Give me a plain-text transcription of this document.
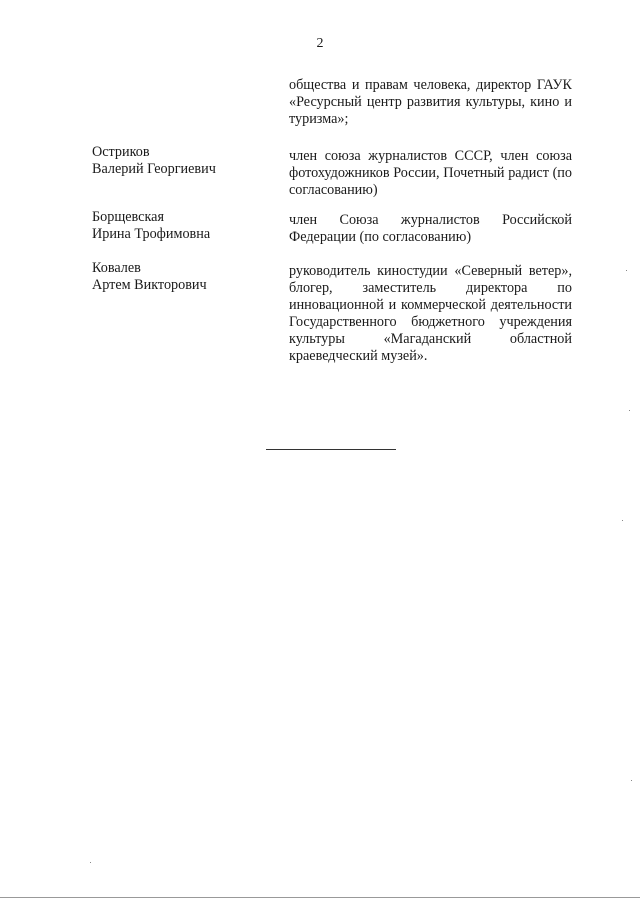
2
общества и правам человека, директор ГАУК «Ресурсный центр развития культуры, кино и туризма»;
Остриков
Валерий Георгиевич
член союза журналистов СССР, член союза фотохудожников России, Почетный радист (по согласованию)
Борщевская
Ирина Трофимовна
член Союза журналистов Российской Федерации (по согласованию)
Ковалев
Артем Викторович
руководитель киностудии «Северный ветер», блогер, заместитель директора по инновационной и коммерческой деятельности Государственного бюджетного учреждения культуры «Магаданский областной краеведческий музей».
